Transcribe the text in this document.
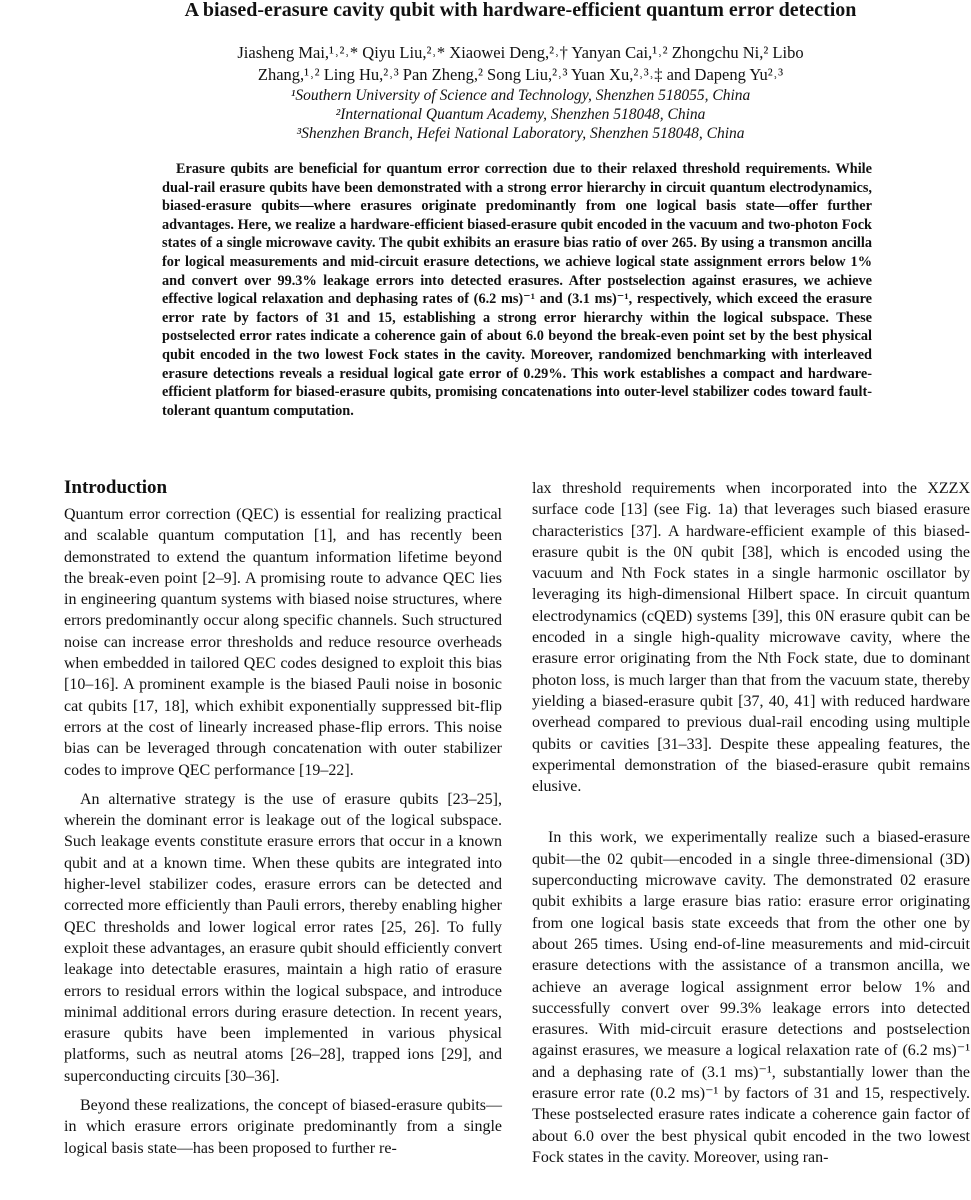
A biased-erasure cavity qubit with hardware-efficient quantum error detection
Jiasheng Mai,¹˒²˒* Qiyu Liu,²˒* Xiaowei Deng,²˒† Yanyan Cai,¹˒² Zhongchu Ni,² Libo
Zhang,¹˒² Ling Hu,²˒³ Pan Zheng,² Song Liu,²˒³ Yuan Xu,²˒³˒‡ and Dapeng Yu²˒³
¹Southern University of Science and Technology, Shenzhen 518055, China
²International Quantum Academy, Shenzhen 518048, China
³Shenzhen Branch, Hefei National Laboratory, Shenzhen 518048, China
Erasure qubits are beneficial for quantum error correction due to their relaxed threshold requirements. While dual-rail erasure qubits have been demonstrated with a strong error hierarchy in circuit quantum electrodynamics, biased-erasure qubits—where erasures originate predominantly from one logical basis state—offer further advantages. Here, we realize a hardware-efficient biased-erasure qubit encoded in the vacuum and two-photon Fock states of a single microwave cavity. The qubit exhibits an erasure bias ratio of over 265. By using a transmon ancilla for logical measurements and mid-circuit erasure detections, we achieve logical state assignment errors below 1% and convert over 99.3% leakage errors into detected erasures. After postselection against erasures, we achieve effective logical relaxation and dephasing rates of (6.2 ms)⁻¹ and (3.1 ms)⁻¹, respectively, which exceed the erasure error rate by factors of 31 and 15, establishing a strong error hierarchy within the logical subspace. These postselected error rates indicate a coherence gain of about 6.0 beyond the break-even point set by the best physical qubit encoded in the two lowest Fock states in the cavity. Moreover, randomized benchmarking with interleaved erasure detections reveals a residual logical gate error of 0.29%. This work establishes a compact and hardware-efficient platform for biased-erasure qubits, promising concatenations into outer-level stabilizer codes toward fault-tolerant quantum computation.
Introduction

Quantum error correction (QEC) is essential for realizing practical and scalable quantum computation [1], and has recently been demonstrated to extend the quantum information lifetime beyond the break-even point [2–9]. A promising route to advance QEC lies in engineering quantum systems with biased noise structures, where errors predominantly occur along specific channels. Such structured noise can increase error thresholds and reduce resource overheads when embedded in tailored QEC codes designed to exploit this bias [10–16]. A prominent example is the biased Pauli noise in bosonic cat qubits [17, 18], which exhibit exponentially suppressed bit-flip errors at the cost of linearly increased phase-flip errors. This noise bias can be leveraged through concatenation with outer stabilizer codes to improve QEC performance [19–22].

An alternative strategy is the use of erasure qubits [23–25], wherein the dominant error is leakage out of the logical subspace. Such leakage events constitute erasure errors that occur in a known qubit and at a known time. When these qubits are integrated into higher-level stabilizer codes, erasure errors can be detected and corrected more efficiently than Pauli errors, thereby enabling higher QEC thresholds and lower logical error rates [25, 26]. To fully exploit these advantages, an erasure qubit should efficiently convert leakage into detectable erasures, maintain a high ratio of erasure errors to residual errors within the logical subspace, and introduce minimal additional errors during erasure detection. In recent years, erasure qubits have been implemented in various physical platforms, such as neutral atoms [26–28], trapped ions [29], and superconducting circuits [30–36].

Beyond these realizations, the concept of biased-erasure qubits—in which erasure errors originate predominantly from a single logical basis state—has been proposed to further re-

lax threshold requirements when incorporated into the XZZX surface code [13] (see Fig. 1a) that leverages such biased erasure characteristics [37]. A hardware-efficient example of this biased-erasure qubit is the 0N qubit [38], which is encoded using the vacuum and Nth Fock states in a single harmonic oscillator by leveraging its high-dimensional Hilbert space. In circuit quantum electrodynamics (cQED) systems [39], this 0N erasure qubit can be encoded in a single high-quality microwave cavity, where the erasure error originating from the Nth Fock state, due to dominant photon loss, is much larger than that from the vacuum state, thereby yielding a biased-erasure qubit [37, 40, 41] with reduced hardware overhead compared to previous dual-rail encoding using multiple qubits or cavities [31–33]. Despite these appealing features, the experimental demonstration of the biased-erasure qubit remains elusive.

In this work, we experimentally realize such a biased-erasure qubit—the 02 qubit—encoded in a single three-dimensional (3D) superconducting microwave cavity. The demonstrated 02 erasure qubit exhibits a large erasure bias ratio: erasure error originating from one logical basis state exceeds that from the other one by about 265 times. Using end-of-line measurements and mid-circuit erasure detections with the assistance of a transmon ancilla, we achieve an average logical assignment error below 1% and successfully convert over 99.3% leakage errors into detected erasures. With mid-circuit erasure detections and postselection against erasures, we measure a logical relaxation rate of (6.2 ms)⁻¹ and a dephasing rate of (3.1 ms)⁻¹, substantially lower than the erasure error rate (0.2 ms)⁻¹ by factors of 31 and 15, respectively. These postselected erasure rates indicate a coherence gain factor of about 6.0 over the best physical qubit encoded in the two lowest Fock states in the cavity. Moreover, using ran-
